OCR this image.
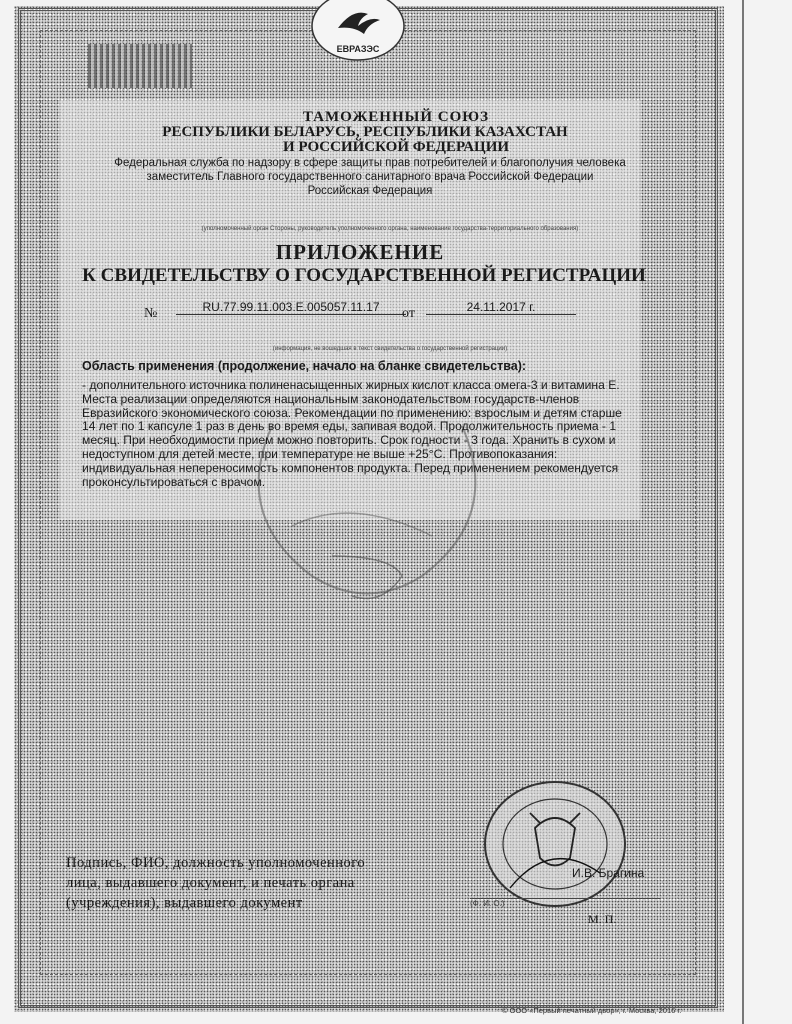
ЕВРАЗЭС
ТАМОЖЕННЫЙ СОЮЗ
РЕСПУБЛИКИ БЕЛАРУСЬ, РЕСПУБЛИКИ КАЗАХСТАН
И РОССИЙСКОЙ ФЕДЕРАЦИИ
Федеральная служба по надзору в сфере защиты прав потребителей и благополучия человека
заместитель Главного государственного санитарного врача Российской Федерации
Российская Федерация
(уполномоченный орган Стороны, руководитель уполномоченного органа, наименование государства-территориального образования)
ПРИЛОЖЕНИЕ
К СВИДЕТЕЛЬСТВУ О ГОСУДАРСТВЕННОЙ РЕГИСТРАЦИИ
№	RU.77.99.11.003.Е.005057.11.17	от	24.11.2017 г.
(информация, не вошедшая в текст свидетельства о государственной регистрации)
Область применения (продолжение, начало на бланке свидетельства):
- дополнительного источника полиненасыщенных жирных кислот класса омега-3 и витамина Е.
Места реализации определяются национальным законодательством государств-членов
Евразийского экономического союза. Рекомендации по применению: взрослым и детям старше
14 лет по 1 капсуле 1 раз в день во время еды, запивая водой. Продолжительность приема - 1
месяц. При необходимости прием можно повторить. Срок годности - 3 года. Хранить в сухом и
недоступном для детей месте, при температуре не выше +25°С. Противопоказания:
индивидуальная непереносимость компонентов продукта. Перед применением рекомендуется
проконсультироваться с врачом.
Подпись, ФИО, должность уполномоченного
лица, выдавшего документ, и печать органа
(учреждения), выдавшего документ
И.В. Брагина
(Ф. И. О.)
М. П.
© ООО «Первый печатный двор», г. Москва, 2016 г.
